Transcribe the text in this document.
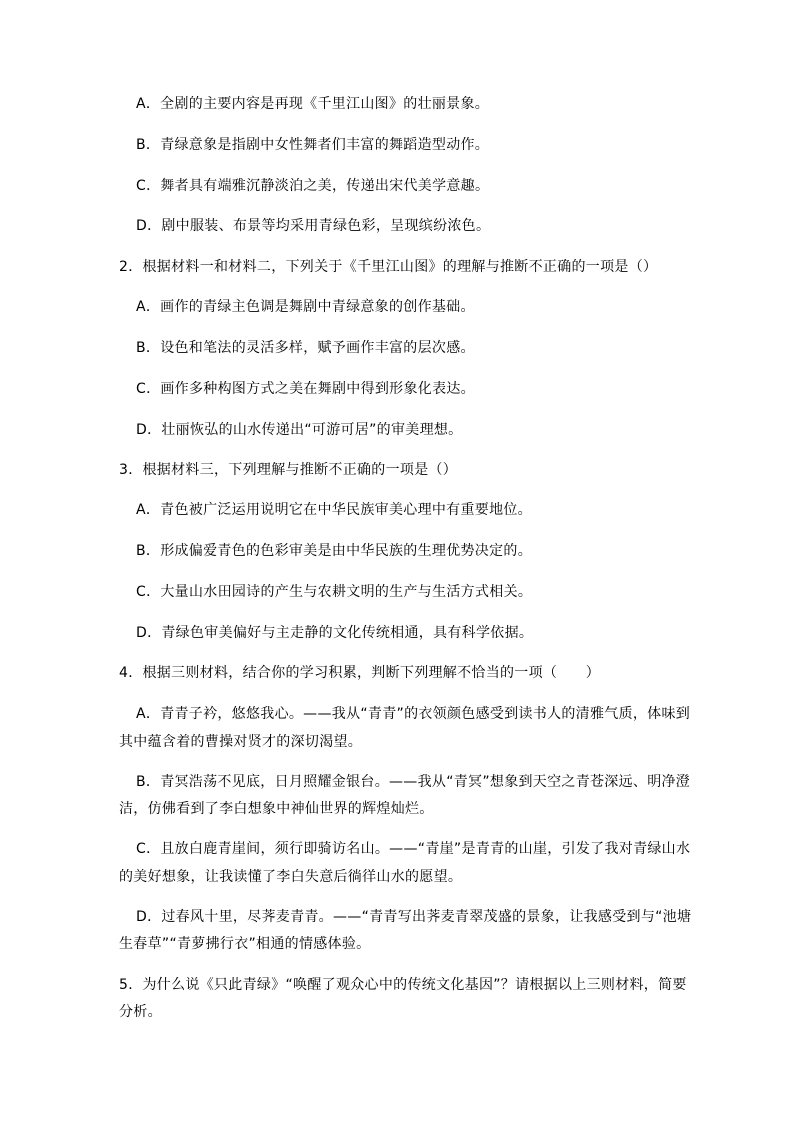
A．全剧的主要内容是再现《千里江山图》的壮丽景象。
B．青绿意象是指剧中女性舞者们丰富的舞蹈造型动作。
C．舞者具有端雅沉静淡泊之美，传递出宋代美学意趣。
D．剧中服装、布景等均采用青绿色彩，呈现缤纷浓色。
2．根据材料一和材料二，下列关于《千里江山图》的理解与推断不正确的一项是（）
A．画作的青绿主色调是舞剧中青绿意象的创作基础。
B．设色和笔法的灵活多样，赋予画作丰富的层次感。
C．画作多种构图方式之美在舞剧中得到形象化表达。
D．壮丽恢弘的山水传递出“可游可居”的审美理想。
3．根据材料三，下列理解与推断不正确的一项是（）
A．青色被广泛运用说明它在中华民族审美心理中有重要地位。
B．形成偏爱青色的色彩审美是由中华民族的生理优势决定的。
C．大量山水田园诗的产生与农耕文明的生产与生活方式相关。
D．青绿色审美偏好与主走静的文化传统相通，具有科学依据。
4．根据三则材料，结合你的学习积累，判断下列理解不恰当的一项（　　）
A．青青子衿，悠悠我心。——我从“青青”的衣领颜色感受到读书人的清雅气质，体味到
其中蕴含着的曹操对贤才的深切渴望。
B．青冥浩荡不见底，日月照耀金银台。——我从“青冥”想象到天空之青苍深远、明净澄
洁，仿佛看到了李白想象中神仙世界的辉煌灿烂。
C．且放白鹿青崖间，须行即骑访名山。——“青崖”是青青的山崖，引发了我对青绿山水
的美好想象，让我读懂了李白失意后徜徉山水的愿望。
D．过春风十里，尽荠麦青青。——“青青写出荠麦青翠茂盛的景象，让我感受到与“池塘
生春草”“青萝拂行衣”相通的情感体验。
5．为什么说《只此青绿》“唤醒了观众心中的传统文化基因”？请根据以上三则材料，简要
分析。
